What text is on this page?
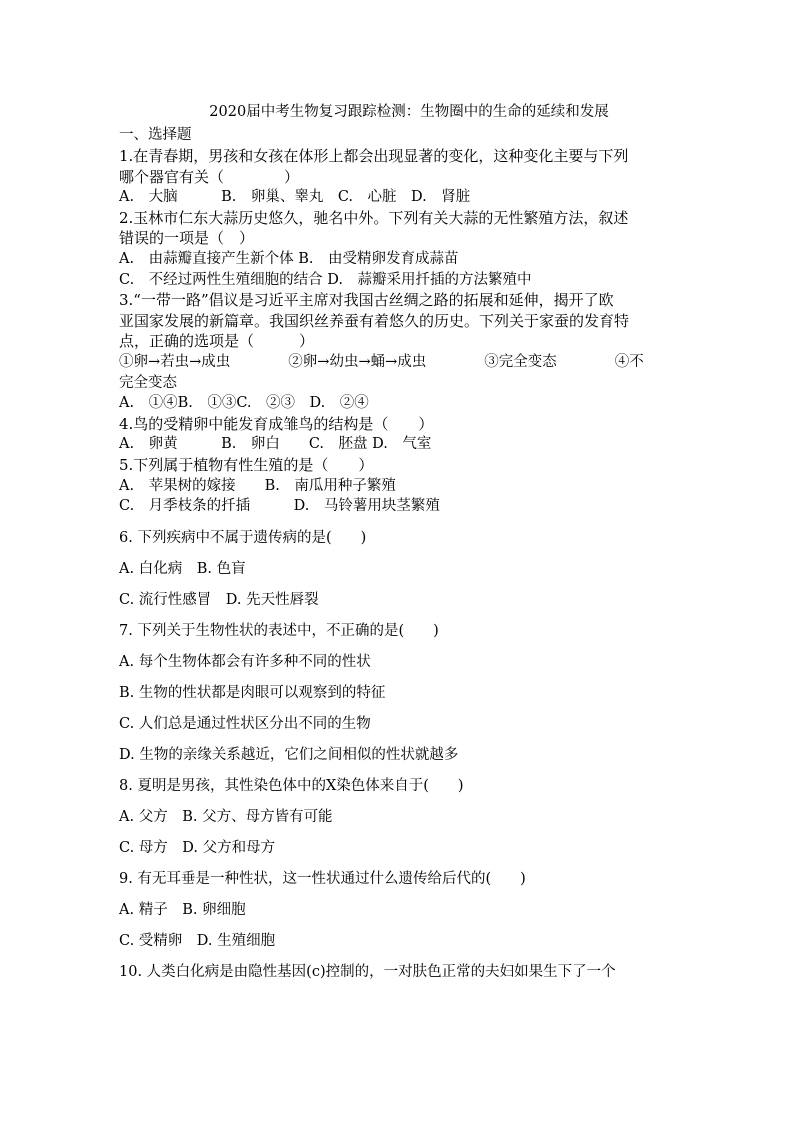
2020届中考生物复习跟踪检测：生物圈中的生命的延续和发展
一、选择题
1.在青春期，男孩和女孩在体形上都会出现显著的变化，这种变化主要与下列
哪个器官有关（　　　　）
A.　大脑　　　B.　卵巢、睾丸　C.　心脏　D.　肾脏
2.玉林市仁东大蒜历史悠久，驰名中外。下列有关大蒜的无性繁殖方法，叙述
错误的一项是（　）
A.　由蒜瓣直接产生新个体 B.　由受精卵发育成蒜苗
C.　不经过两性生殖细胞的结合 D.　蒜瓣采用扦插的方法繁殖中
3.“一带一路”倡议是习近平主席对我国古丝绸之路的拓展和延伸，揭开了欧
亚国家发展的新篇章。我国织丝养蚕有着悠久的历史。下列关于家蚕的发育特
点，正确的选项是（　　　）
①卵→若虫→成虫　　　　②卵→幼虫→蛹→成虫　　　　③完全变态　　　　④不
完全变态
A.　①④B.　①③C.　②③　D.　②④
4.鸟的受精卵中能发育成雏鸟的结构是（　　）
A.　卵黄　　　B.　卵白　　C.　胚盘 D.　气室
5.下列属于植物有性生殖的是（　　）
A.　苹果树的嫁接　　B.　南瓜用种子繁殖
C.　月季枝条的扦插　　　D.　马铃薯用块茎繁殖
6. 下列疾病中不属于遗传病的是(　　)
A. 白化病　B. 色盲
C. 流行性感冒　D. 先天性唇裂
7. 下列关于生物性状的表述中，不正确的是(　　)
A. 每个生物体都会有许多种不同的性状
B. 生物的性状都是肉眼可以观察到的特征
C. 人们总是通过性状区分出不同的生物
D. 生物的亲缘关系越近，它们之间相似的性状就越多
8. 夏明是男孩，其性染色体中的X染色体来自于(　　)
A. 父方　B. 父方、母方皆有可能
C. 母方　D. 父方和母方
9. 有无耳垂是一种性状，这一性状通过什么遗传给后代的(　　)
A. 精子　B. 卵细胞
C. 受精卵　D. 生殖细胞
10. 人类白化病是由隐性基因(c)控制的，一对肤色正常的夫妇如果生下了一个
